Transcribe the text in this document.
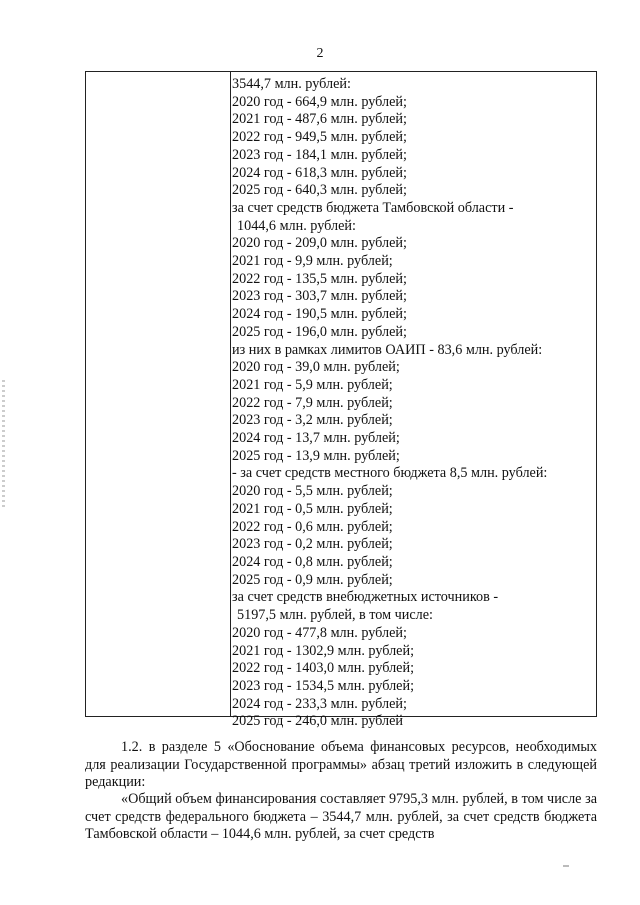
2

3544,7 млн. рублей:

2020 год - 664,9 млн. рублей;

2021 год - 487,6 млн. рублей;

2022 год - 949,5 млн. рублей;

2023 год - 184,1 млн. рублей;

2024 год - 618,3 млн. рублей;

2025 год - 640,3 млн. рублей;

за счет средств бюджета Тамбовской области -

1044,6 млн. рублей:

2020 год - 209,0 млн. рублей;

2021 год - 9,9 млн. рублей;

2022 год - 135,5 млн. рублей;

2023 год - 303,7 млн. рублей;

2024 год - 190,5 млн. рублей;

2025 год - 196,0 млн. рублей;

из них в рамках лимитов ОАИП - 83,6 млн. рублей:

2020 год - 39,0 млн. рублей;

2021 год - 5,9 млн. рублей;

2022 год - 7,9 млн. рублей;

2023 год - 3,2 млн. рублей;

2024 год - 13,7 млн. рублей;

2025 год - 13,9 млн. рублей;

- за счет средств местного бюджета 8,5 млн. рублей:

2020 год - 5,5 млн. рублей;

2021 год - 0,5 млн. рублей;

2022 год - 0,6 млн. рублей;

2023 год - 0,2 млн. рублей;

2024 год - 0,8 млн. рублей;

2025 год - 0,9 млн. рублей;

за счет средств внебюджетных источников -

5197,5 млн. рублей, в том числе:

2020 год - 477,8 млн. рублей;

2021 год - 1302,9 млн. рублей;

2022 год - 1403,0 млн. рублей;

2023 год - 1534,5 млн. рублей;

2024 год - 233,3 млн. рублей;

2025 год - 246,0 млн. рублей

1.2. в разделе 5 «Обоснование объема финансовых ресурсов, необходимых для реализации Государственной программы» абзац третий изложить в следующей редакции:
«Общий объем финансирования составляет 9795,3 млн. рублей, в том числе за счет средств федерального бюджета – 3544,7 млн. рублей, за счет средств бюджета Тамбовской области – 1044,6 млн. рублей, за счет средств
